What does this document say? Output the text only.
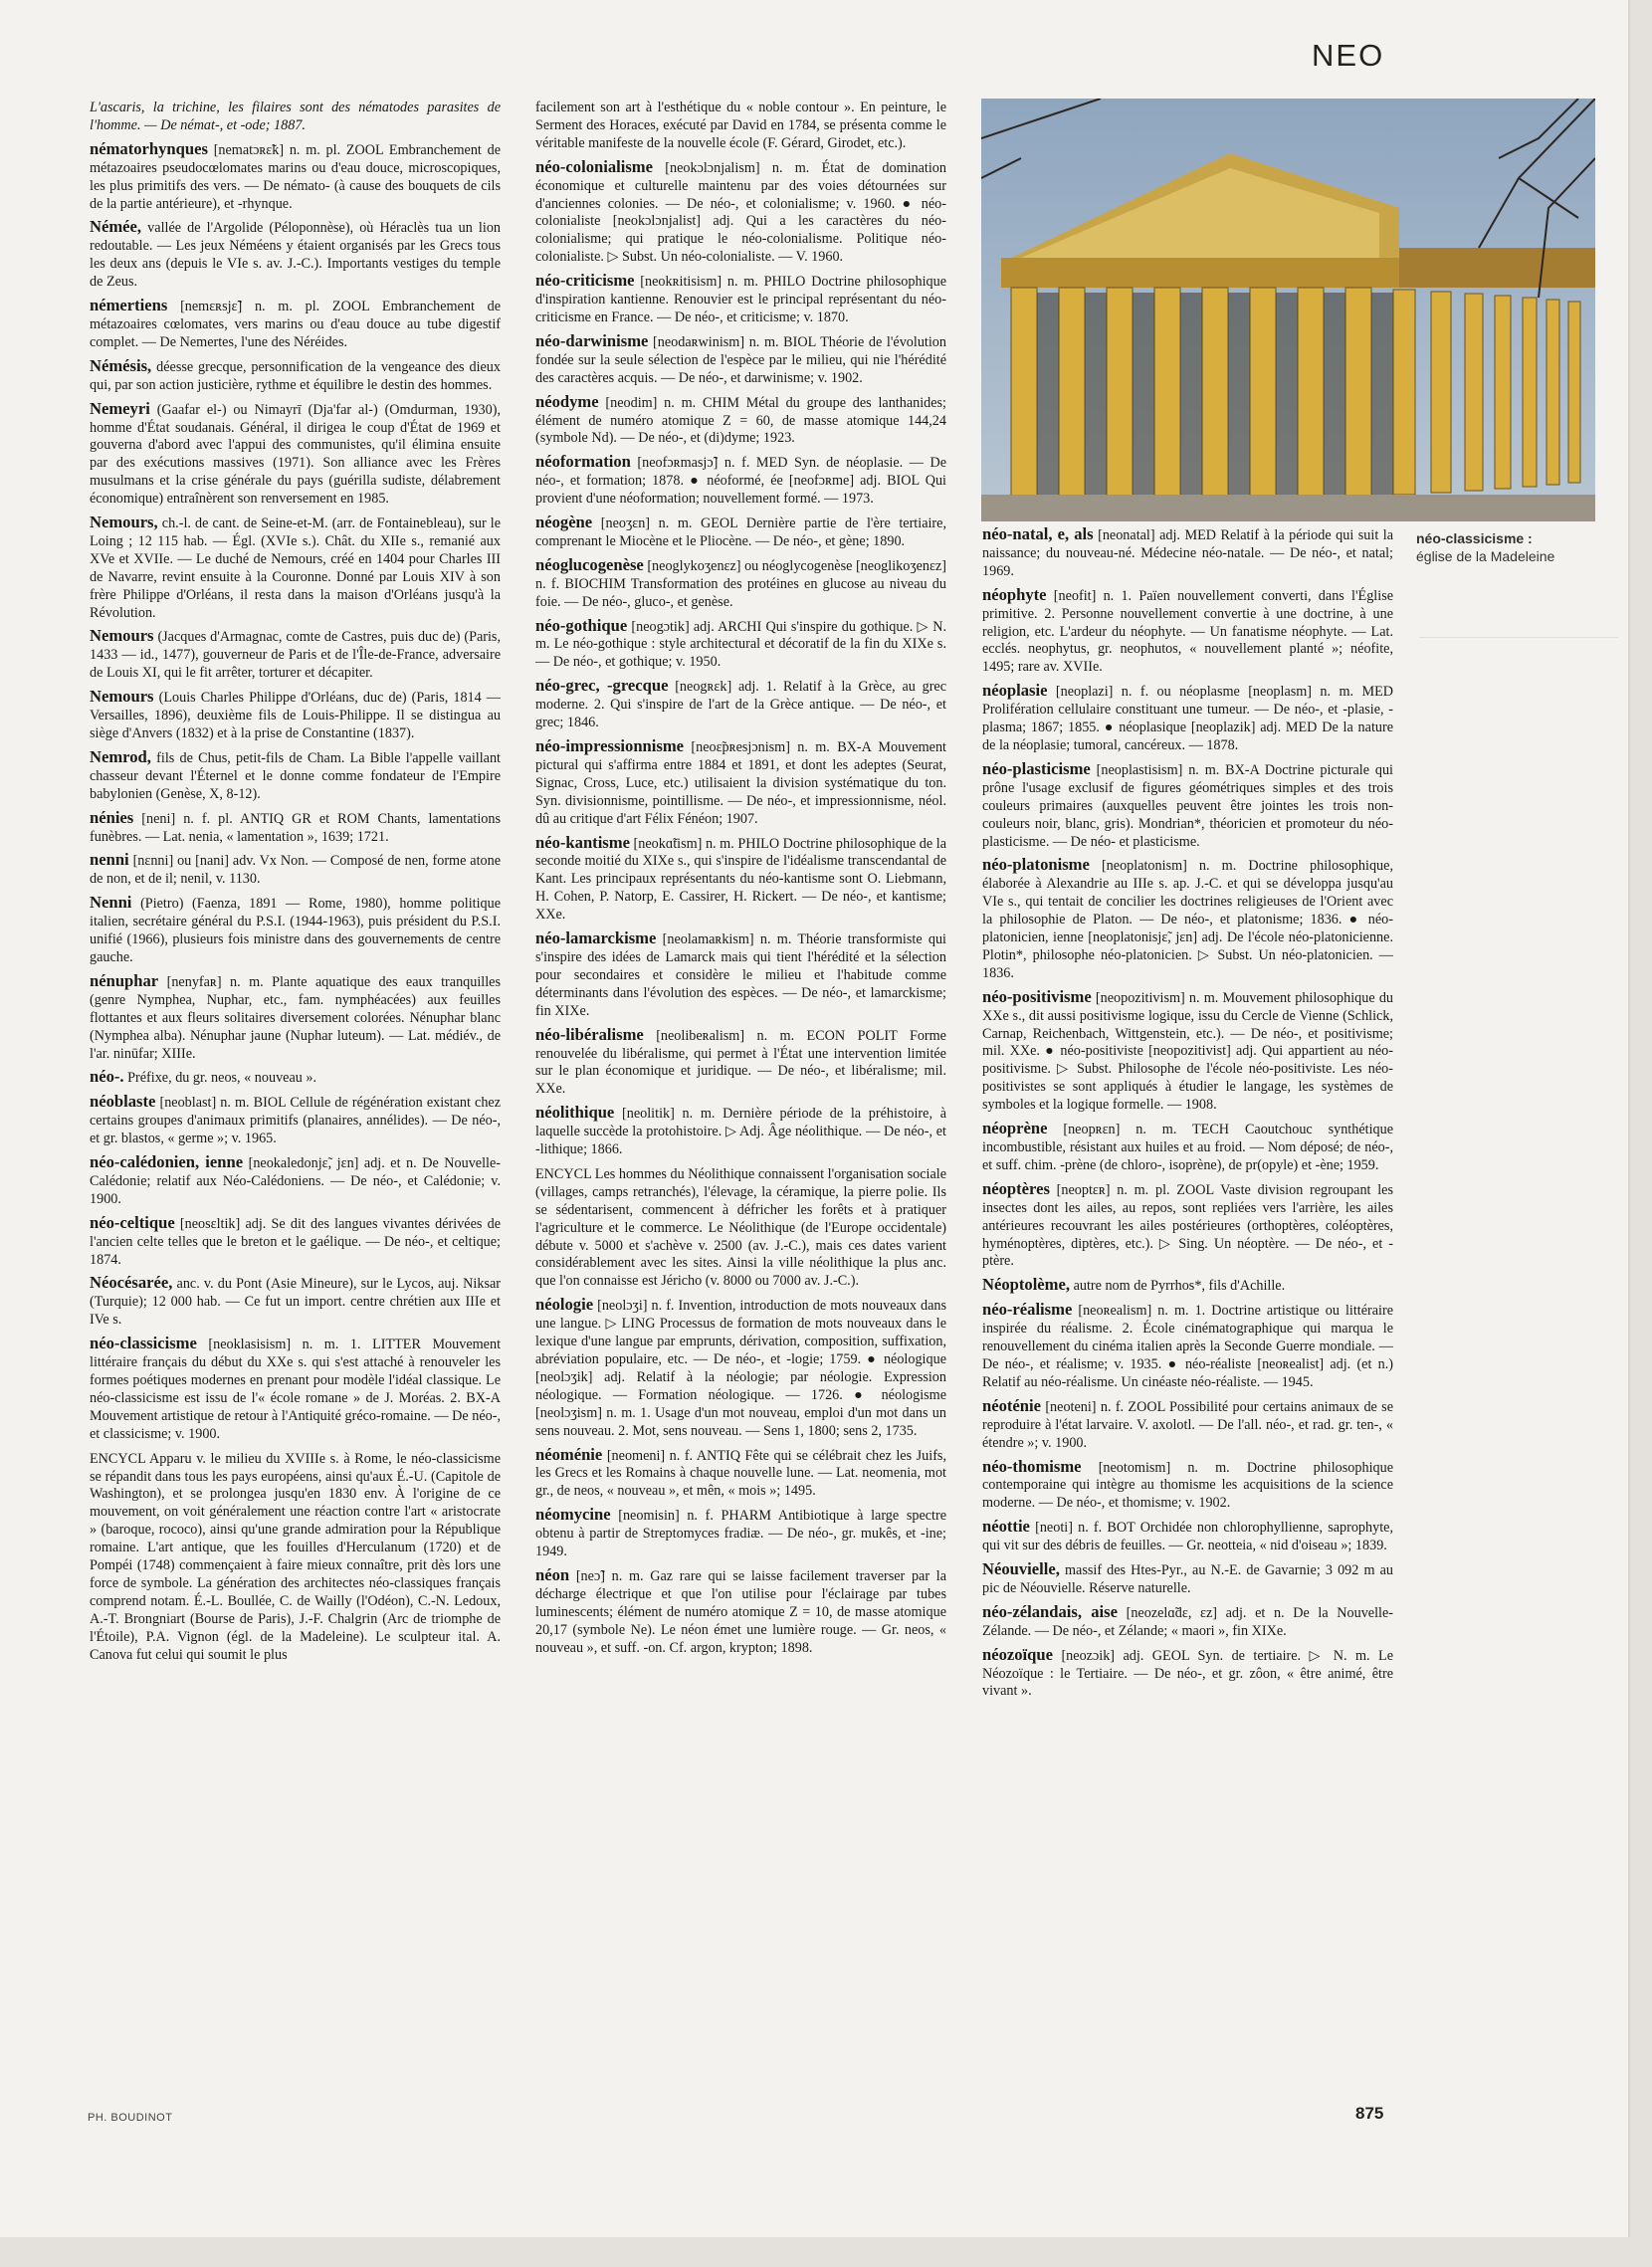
NEO

L'ascaris, la trichine, les filaires sont des nématodes parasites de l'homme. — De némat-, et -ode; 1887.

nématorhynques [nematɔʀɛ̃k] n. m. pl. ZOOL Embranchement de métazoaires pseudocœlomates marins ou d'eau douce, microscopiques, les plus primitifs des vers. — De némato- (à cause des bouquets de cils de la partie antérieure), et -rhynque.

Némée, vallée de l'Argolide (Péloponnèse), où Héraclès tua un lion redoutable. — Les jeux Néméens y étaient organisés par les Grecs tous les deux ans (depuis le VIe s. av. J.-C.). Importants vestiges du temple de Zeus.

némertiens [nemɛʀsjɛ̃] n. m. pl. ZOOL Embranchement de métazoaires cœlomates, vers marins ou d'eau douce au tube digestif complet. — De Nemertes, l'une des Néréides.

Némésis, déesse grecque, personnification de la vengeance des dieux qui, par son action justicière, rythme et équilibre le destin des hommes.

Nemeyri (Gaafar el-) ou Nimayrī (Dja'far al-) (Omdurman, 1930), homme d'État soudanais. Général, il dirigea le coup d'État de 1969 et gouverna d'abord avec l'appui des communistes, qu'il élimina ensuite par des exécutions massives (1971). Son alliance avec les Frères musulmans et la crise générale du pays (guérilla sudiste, délabrement économique) entraînèrent son renversement en 1985.

Nemours, ch.-l. de cant. de Seine-et-M. (arr. de Fontainebleau), sur le Loing ; 12 115 hab. — Égl. (XVIe s.). Chât. du XIIe s., remanié aux XVe et XVIIe. — Le duché de Nemours, créé en 1404 pour Charles III de Navarre, revint ensuite à la Couronne. Donné par Louis XIV à son frère Philippe d'Orléans, il resta dans la maison d'Orléans jusqu'à la Révolution.

Nemours (Jacques d'Armagnac, comte de Castres, puis duc de) (Paris, 1433 — id., 1477), gouverneur de Paris et de l'Île-de-France, adversaire de Louis XI, qui le fit arrêter, torturer et décapiter.

Nemours (Louis Charles Philippe d'Orléans, duc de) (Paris, 1814 — Versailles, 1896), deuxième fils de Louis-Philippe. Il se distingua au siège d'Anvers (1832) et à la prise de Constantine (1837).

Nemrod, fils de Chus, petit-fils de Cham. La Bible l'appelle vaillant chasseur devant l'Éternel et le donne comme fondateur de l'Empire babylonien (Genèse, X, 8-12).

nénies [neni] n. f. pl. ANTIQ GR et ROM Chants, lamentations funèbres. — Lat. nenia, « lamentation », 1639; 1721.

nenni [nɛnni] ou [nani] adv. Vx Non. — Composé de nen, forme atone de non, et de il; nenil, v. 1130.

Nenni (Pietro) (Faenza, 1891 — Rome, 1980), homme politique italien, secrétaire général du P.S.I. (1944-1963), puis président du P.S.I. unifié (1966), plusieurs fois ministre dans des gouvernements de centre gauche.

nénuphar [nenyfaʀ] n. m. Plante aquatique des eaux tranquilles (genre Nymphea, Nuphar, etc., fam. nymphéacées) aux feuilles flottantes et aux fleurs solitaires diversement colorées. Nénuphar blanc (Nymphea alba). Nénuphar jaune (Nuphar luteum). — Lat. médiév., de l'ar. ninūfar; XIIIe.

néo-. Préfixe, du gr. neos, « nouveau ».

néoblaste [neoblast] n. m. BIOL Cellule de régénération existant chez certains groupes d'animaux primitifs (planaires, annélides). — De néo-, et gr. blastos, « germe »; v. 1965.

néo-calédonien, ienne [neokaledonjɛ̃, jɛn] adj. et n. De Nouvelle-Calédonie; relatif aux Néo-Calédoniens. — De néo-, et Calédonie; v. 1900.

néo-celtique [neosɛltik] adj. Se dit des langues vivantes dérivées de l'ancien celte telles que le breton et le gaélique. — De néo-, et celtique; 1874.

Néocésarée, anc. v. du Pont (Asie Mineure), sur le Lycos, auj. Niksar (Turquie); 12 000 hab. — Ce fut un import. centre chrétien aux IIIe et IVe s.

néo-classicisme [neoklasisism] n. m. 1. LITTER Mouvement littéraire français du début du XXe s. qui s'est attaché à renouveler les formes poétiques modernes en prenant pour modèle l'idéal classique. Le néo-classicisme est issu de l'« école romane » de J. Moréas. 2. BX-A Mouvement artistique de retour à l'Antiquité gréco-romaine. — De néo-, et classicisme; v. 1900.

ENCYCL Apparu v. le milieu du XVIIIe s. à Rome, le néo-classicisme se répandit dans tous les pays européens, ainsi qu'aux É.-U. (Capitole de Washington), et se prolongea jusqu'en 1830 env. À l'origine de ce mouvement, on voit généralement une réaction contre l'art « aristocrate » (baroque, rococo), ainsi qu'une grande admiration pour la République romaine. L'art antique, que les fouilles d'Herculanum (1720) et de Pompéi (1748) commençaient à faire mieux connaître, prit dès lors une force de symbole. La génération des architectes néo-classiques français comprend notam. É.-L. Boullée, C. de Wailly (l'Odéon), C.-N. Ledoux, A.-T. Brongniart (Bourse de Paris), J.-F. Chalgrin (Arc de triomphe de l'Étoile), P.A. Vignon (égl. de la Madeleine). Le sculpteur ital. A. Canova fut celui qui soumit le plus

facilement son art à l'esthétique du « noble contour ». En peinture, le Serment des Horaces, exécuté par David en 1784, se présenta comme le véritable manifeste de la nouvelle école (F. Gérard, Girodet, etc.).

néo-colonialisme [neokɔlɔnjalism] n. m. État de domination économique et culturelle maintenu par des voies détournées sur d'anciennes colonies. — De néo-, et colonialisme; v. 1960. ● néo-colonialiste [neokɔlɔnjalist] adj. Qui a les caractères du néo-colonialisme; qui pratique le néo-colonialisme. Politique néo-colonialiste. ▷ Subst. Un néo-colonialiste. — V. 1960.

néo-criticisme [neokʀitisism] n. m. PHILO Doctrine philosophique d'inspiration kantienne. Renouvier est le principal représentant du néo-criticisme en France. — De néo-, et criticisme; v. 1870.

néo-darwinisme [neodaʀwinism] n. m. BIOL Théorie de l'évolution fondée sur la seule sélection de l'espèce par le milieu, qui nie l'hérédité des caractères acquis. — De néo-, et darwinisme; v. 1902.

néodyme [neodim] n. m. CHIM Métal du groupe des lanthanides; élément de numéro atomique Z = 60, de masse atomique 144,24 (symbole Nd). — De néo-, et (di)dyme; 1923.

néoformation [neofɔʀmasjɔ̃] n. f. MED Syn. de néoplasie. — De néo-, et formation; 1878. ● néoformé, ée [neofɔʀme] adj. BIOL Qui provient d'une néoformation; nouvellement formé. — 1973.

néogène [neoʒɛn] n. m. GEOL Dernière partie de l'ère tertiaire, comprenant le Miocène et le Pliocène. — De néo-, et gène; 1890.

néoglucogenèse [neoglykoʒenɛz] ou néoglycogenèse [neoglikoʒenɛz] n. f. BIOCHIM Transformation des protéines en glucose au niveau du foie. — De néo-, gluco-, et genèse.

néo-gothique [neogɔtik] adj. ARCHI Qui s'inspire du gothique. ▷ N. m. Le néo-gothique : style architectural et décoratif de la fin du XIXe s. — De néo-, et gothique; v. 1950.

néo-grec, -grecque [neogʀɛk] adj. 1. Relatif à la Grèce, au grec moderne. 2. Qui s'inspire de l'art de la Grèce antique. — De néo-, et grec; 1846.

néo-impressionnisme [neoɛ̃pʀesjɔnism] n. m. BX-A Mouvement pictural qui s'affirma entre 1884 et 1891, et dont les adeptes (Seurat, Signac, Cross, Luce, etc.) utilisaient la division systématique du ton. Syn. divisionnisme, pointillisme. — De néo-, et impressionnisme, néol. dû au critique d'art Félix Fénéon; 1907.

néo-kantisme [neokɑ̃tism] n. m. PHILO Doctrine philosophique de la seconde moitié du XIXe s., qui s'inspire de l'idéalisme transcendantal de Kant. Les principaux représentants du néo-kantisme sont O. Liebmann, H. Cohen, P. Natorp, E. Cassirer, H. Rickert. — De néo-, et kantisme; XXe.

néo-lamarckisme [neolamaʀkism] n. m. Théorie transformiste qui s'inspire des idées de Lamarck mais qui tient l'hérédité et la sélection pour secondaires et considère le milieu et l'habitude comme déterminants dans l'évolution des espèces. — De néo-, et lamarckisme; fin XIXe.

néo-libéralisme [neolibeʀalism] n. m. ECON POLIT Forme renouvelée du libéralisme, qui permet à l'État une intervention limitée sur le plan économique et juridique. — De néo-, et libéralisme; mil. XXe.

néolithique [neolitik] n. m. Dernière période de la préhistoire, à laquelle succède la protohistoire. ▷ Adj. Âge néolithique. — De néo-, et -lithique; 1866.

ENCYCL Les hommes du Néolithique connaissent l'organisation sociale (villages, camps retranchés), l'élevage, la céramique, la pierre polie. Ils se sédentarisent, commencent à défricher les forêts et à pratiquer l'agriculture et le commerce. Le Néolithique (de l'Europe occidentale) débute v. 5000 et s'achève v. 2500 (av. J.-C.), mais ces dates varient considérablement avec les sites. Ainsi la ville néolithique la plus anc. que l'on connaisse est Jéricho (v. 8000 ou 7000 av. J.-C.).

néologie [neolɔʒi] n. f. Invention, introduction de mots nouveaux dans une langue. ▷ LING Processus de formation de mots nouveaux dans le lexique d'une langue par emprunts, dérivation, composition, suffixation, abréviation populaire, etc. — De néo-, et -logie; 1759. ● néologique [neolɔʒik] adj. Relatif à la néologie; par néologie. Expression néologique. — Formation néologique. — 1726. ● néologisme [neolɔʒism] n. m. 1. Usage d'un mot nouveau, emploi d'un mot dans un sens nouveau. 2. Mot, sens nouveau. — Sens 1, 1800; sens 2, 1735.

néoménie [neomeni] n. f. ANTIQ Fête qui se célébrait chez les Juifs, les Grecs et les Romains à chaque nouvelle lune. — Lat. neomenia, mot gr., de neos, « nouveau », et mên, « mois »; 1495.

néomycine [neomisin] n. f. PHARM Antibiotique à large spectre obtenu à partir de Streptomyces fradiæ. — De néo-, gr. mukês, et -ine; 1949.

néon [neɔ̃] n. m. Gaz rare qui se laisse facilement traverser par la décharge électrique et que l'on utilise pour l'éclairage par tubes luminescents; élément de numéro atomique Z = 10, de masse atomique 20,17 (symbole Ne). Le néon émet une lumière rouge. — Gr. neos, « nouveau », et suff. -on. Cf. argon, krypton; 1898.

néo-classicisme :
église de la Madeleine

néo-natal, e, als [neonatal] adj. MED Relatif à la période qui suit la naissance; du nouveau-né. Médecine néo-natale. — De néo-, et natal; 1969.

néophyte [neofit] n. 1. Païen nouvellement converti, dans l'Église primitive. 2. Personne nouvellement convertie à une doctrine, à une religion, etc. L'ardeur du néophyte. — Un fanatisme néophyte. — Lat. ecclés. neophytus, gr. neophutos, « nouvellement planté »; néofite, 1495; rare av. XVIIe.

néoplasie [neoplazi] n. f. ou néoplasme [neoplasm] n. m. MED Prolifération cellulaire constituant une tumeur. — De néo-, et -plasie, -plasma; 1867; 1855. ● néoplasique [neoplazik] adj. MED De la nature de la néoplasie; tumoral, cancéreux. — 1878.

néo-plasticisme [neoplastisism] n. m. BX-A Doctrine picturale qui prône l'usage exclusif de figures géométriques simples et des trois couleurs primaires (auxquelles peuvent être jointes les trois non-couleurs noir, blanc, gris). Mondrian*, théoricien et promoteur du néo-plasticisme. — De néo- et plasticisme.

néo-platonisme [neoplatonism] n. m. Doctrine philosophique, élaborée à Alexandrie au IIIe s. ap. J.-C. et qui se développa jusqu'au VIe s., qui tentait de concilier les doctrines religieuses de l'Orient avec la philosophie de Platon. — De néo-, et platonisme; 1836. ● néo-platonicien, ienne [neoplatonisjɛ̃, jɛn] adj. De l'école néo-platonicienne. Plotin*, philosophe néo-platonicien. ▷ Subst. Un néo-platonicien. — 1836.

néo-positivisme [neopozitivism] n. m. Mouvement philosophique du XXe s., dit aussi positivisme logique, issu du Cercle de Vienne (Schlick, Carnap, Reichenbach, Wittgenstein, etc.). — De néo-, et positivisme; mil. XXe. ● néo-positiviste [neopozitivist] adj. Qui appartient au néo-positivisme. ▷ Subst. Philosophe de l'école néo-positiviste. Les néo-positivistes se sont appliqués à étudier le langage, les systèmes de symboles et la logique formelle. — 1908.

néoprène [neopʀɛn] n. m. TECH Caoutchouc synthétique incombustible, résistant aux huiles et au froid. — Nom déposé; de néo-, et suff. chim. -prène (de chloro-, isoprène), de pr(opyle) et -ène; 1959.

néoptères [neoptɛʀ] n. m. pl. ZOOL Vaste division regroupant les insectes dont les ailes, au repos, sont repliées vers l'arrière, les ailes antérieures recouvrant les ailes postérieures (orthoptères, coléoptères, hyménoptères, diptères, etc.). ▷ Sing. Un néoptère. — De néo-, et -ptère.

Néoptolème, autre nom de Pyrrhos*, fils d'Achille.

néo-réalisme [neoʀealism] n. m. 1. Doctrine artistique ou littéraire inspirée du réalisme. 2. École cinématographique qui marqua le renouvellement du cinéma italien après la Seconde Guerre mondiale. — De néo-, et réalisme; v. 1935. ● néo-réaliste [neoʀealist] adj. (et n.) Relatif au néo-réalisme. Un cinéaste néo-réaliste. — 1945.

néoténie [neoteni] n. f. ZOOL Possibilité pour certains animaux de se reproduire à l'état larvaire. V. axolotl. — De l'all. néo-, et rad. gr. ten-, « étendre »; v. 1900.

néo-thomisme [neotomism] n. m. Doctrine philosophique contemporaine qui intègre au thomisme les acquisitions de la science moderne. — De néo-, et thomisme; v. 1902.

néottie [neoti] n. f. BOT Orchidée non chlorophyllienne, saprophyte, qui vit sur des débris de feuilles. — Gr. neotteia, « nid d'oiseau »; 1839.

Néouvielle, massif des Htes-Pyr., au N.-E. de Gavarnie; 3 092 m au pic de Néouvielle. Réserve naturelle.

néo-zélandais, aise [neozelɑ̃dɛ, ɛz] adj. et n. De la Nouvelle-Zélande. — De néo-, et Zélande; « maori », fin XIXe.

néozoïque [neozɔik] adj. GEOL Syn. de tertiaire. ▷ N. m. Le Néozoïque : le Tertiaire. — De néo-, et gr. zôon, « être animé, être vivant ».

PH. BOUDINOT	875
